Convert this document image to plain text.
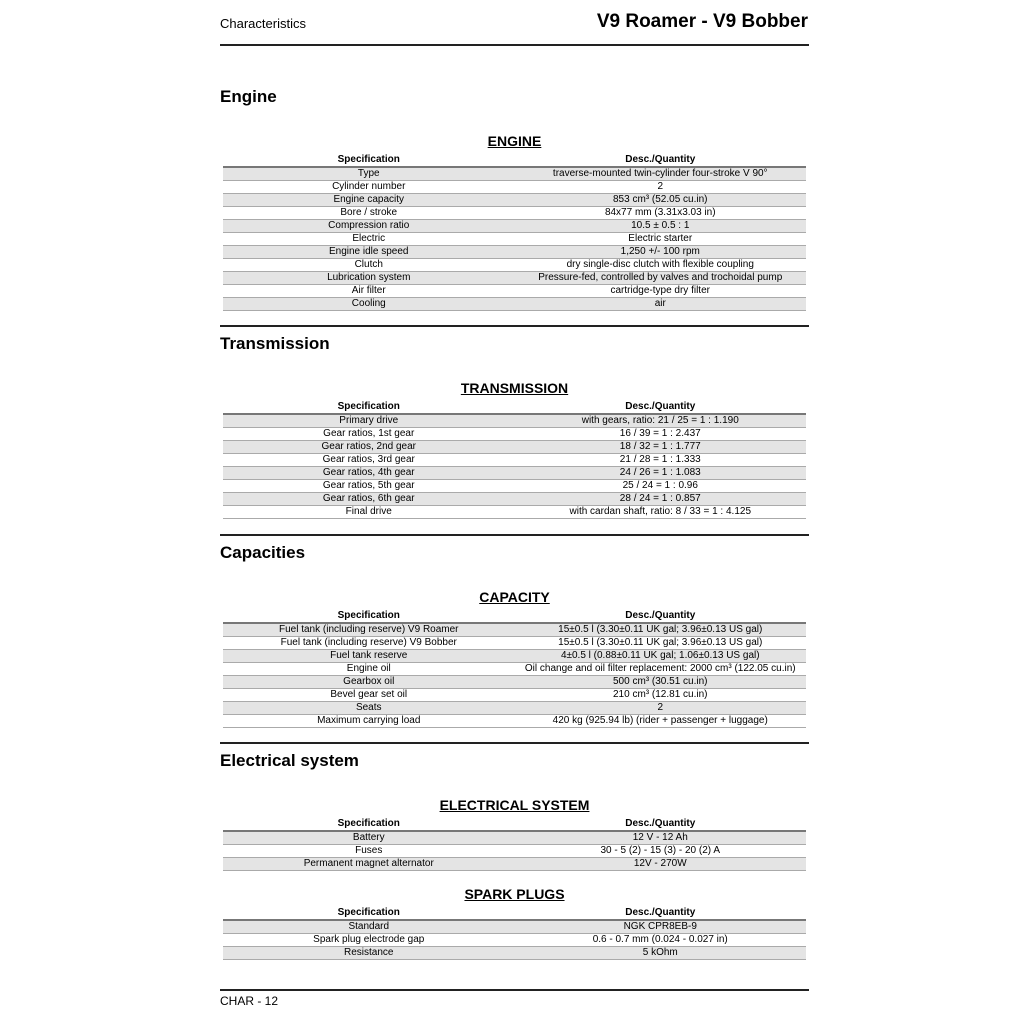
Characteristics	V9 Roamer - V9 Bobber
Engine
ENGINE
Specification	Desc./Quantity
Type	traverse-mounted twin-cylinder four-stroke V 90°
Cylinder number	2
Engine capacity	853 cm³ (52.05 cu.in)
Bore / stroke	84x77 mm (3.31x3.03 in)
Compression ratio	10.5 ± 0.5 : 1
Electric	Electric starter
Engine idle speed	1,250 +/- 100 rpm
Clutch	dry single-disc clutch with flexible coupling
Lubrication system	Pressure-fed, controlled by valves and trochoidal pump
Air filter	cartridge-type dry filter
Cooling	air
Transmission
TRANSMISSION
Specification	Desc./Quantity
Primary drive	with gears, ratio: 21 / 25 = 1 : 1.190
Gear ratios, 1st gear	16 / 39 = 1 : 2.437
Gear ratios, 2nd gear	18 / 32 = 1 : 1.777
Gear ratios, 3rd gear	21 / 28 = 1 : 1.333
Gear ratios, 4th gear	24 / 26 = 1 : 1.083
Gear ratios, 5th gear	25 / 24 = 1 : 0.96
Gear ratios, 6th gear	28 / 24 = 1 : 0.857
Final drive	with cardan shaft, ratio: 8 / 33 = 1 : 4.125
Capacities
CAPACITY
Specification	Desc./Quantity
Fuel tank (including reserve) V9 Roamer	15±0.5 l (3.30±0.11 UK gal; 3.96±0.13 US gal)
Fuel tank (including reserve) V9 Bobber	15±0.5 l (3.30±0.11 UK gal; 3.96±0.13 US gal)
Fuel tank reserve	4±0.5 l (0.88±0.11 UK gal; 1.06±0.13 US gal)
Engine oil	Oil change and oil filter replacement: 2000 cm³ (122.05 cu.in)
Gearbox oil	500 cm³ (30.51 cu.in)
Bevel gear set oil	210 cm³ (12.81 cu.in)
Seats	2
Maximum carrying load	420 kg (925.94 lb) (rider + passenger + luggage)
Electrical system
ELECTRICAL SYSTEM
Specification	Desc./Quantity
Battery	12 V - 12 Ah
Fuses	30 - 5 (2) - 15 (3) - 20 (2) A
Permanent magnet alternator	12V - 270W
SPARK PLUGS
Specification	Desc./Quantity
Standard	NGK CPR8EB-9
Spark plug electrode gap	0.6 - 0.7 mm (0.024 - 0.027 in)
Resistance	5 kOhm
CHAR - 12
